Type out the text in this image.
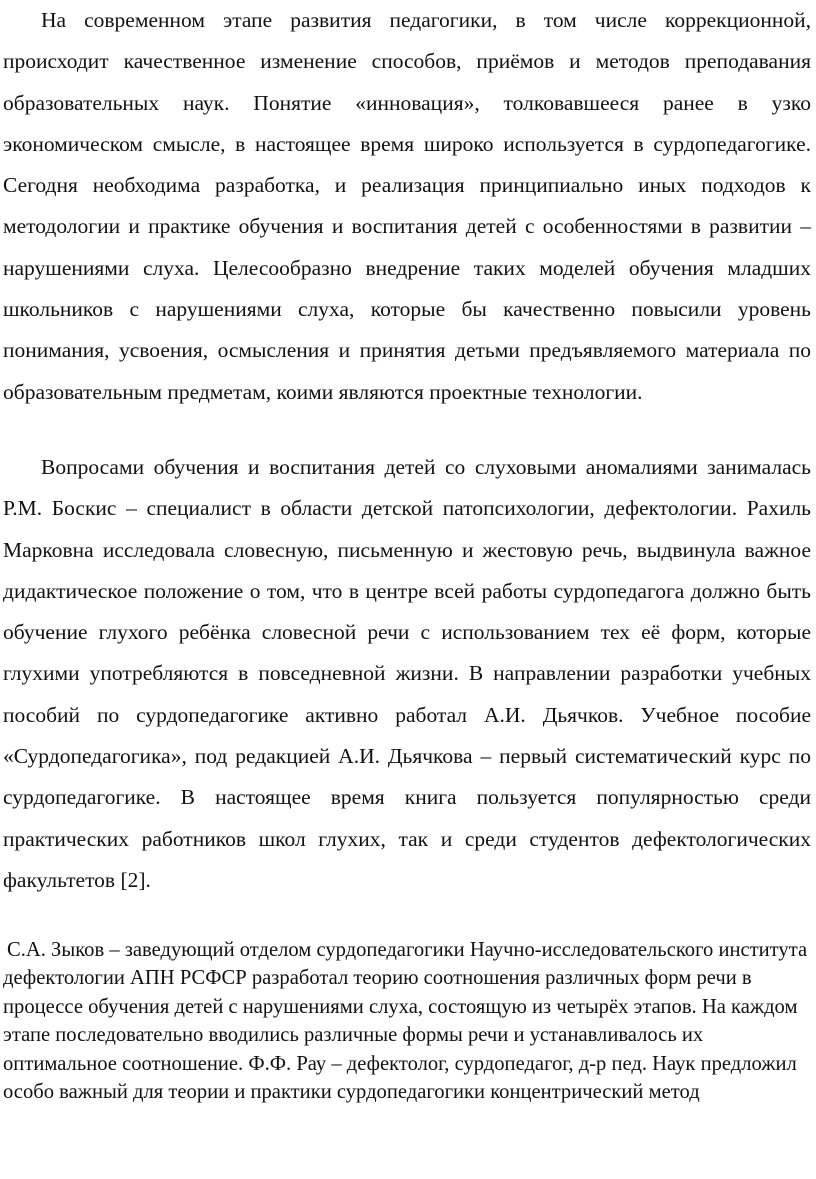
На современном этапе развития педагогики, в том числе коррекционной, происходит качественное изменение способов, приёмов и методов преподавания образовательных наук. Понятие «инновация», толковавшееся ранее в узко экономическом смысле, в настоящее время широко используется в сурдопедагогике. Сегодня необходима разработка, и реализация принципиально иных подходов к методологии и практике обучения и воспитания детей с особенностями в развитии – нарушениями слуха. Целесообразно внедрение таких моделей обучения младших школьников с нарушениями слуха, которые бы качественно повысили уровень понимания, усвоения, осмысления и принятия детьми предъявляемого материала по образовательным предметам, коими являются проектные технологии.

Вопросами обучения и воспитания детей со слуховыми аномалиями занималась Р.М. Боскис – специалист в области детской патопсихологии, дефектологии. Рахиль Марковна исследовала словесную, письменную и жестовую речь, выдвинула важное дидактическое положение о том, что в центре всей работы сурдопедагога должно быть обучение глухого ребёнка словесной речи с использованием тех её форм, которые глухими употребляются в повседневной жизни. В направлении разработки учебных пособий по сурдопедагогике активно работал А.И. Дьячков. Учебное пособие «Сурдопедагогика», под редакцией А.И. Дьячкова – первый систематический курс по сурдопедагогике. В настоящее время книга пользуется популярностью среди практических работников школ глухих, так и среди студентов дефектологических факультетов [2].

С.А. Зыков – заведующий отделом сурдопедагогики Научно-исследовательского института дефектологии АПН РСФСР разработал теорию соотношения различных форм речи в процессе обучения детей с нарушениями слуха, состоящую из четырёх этапов. На каждом этапе последовательно вводились различные формы речи и устанавливалось их оптимальное соотношение. Ф.Ф. Рау – дефектолог, сурдопедагог, д-р пед. Наук предложил особо важный для теории и практики сурдопедагогики концентрический метод
